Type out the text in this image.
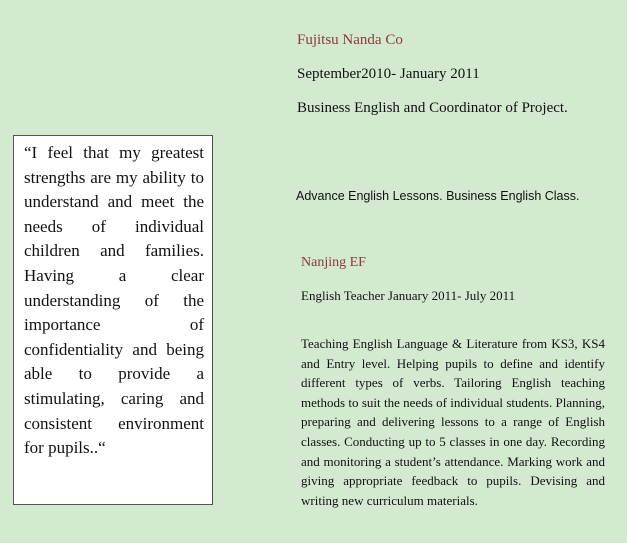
“I feel that my greatest strengths are my ability to understand and meet the needs of individual children and families. Having a clear understanding of the importance of confidentiality and being able to provide a stimulating, caring and consistent environment for pupils..“
Fujitsu Nanda Co
September2010- January 2011
Business English and Coordinator of Project.
Advance English Lessons. Business English Class.
Nanjing EF
English Teacher January 2011- July 2011
Teaching English Language & Literature from KS3, KS4 and Entry level. Helping pupils to define and identify different types of verbs. Tailoring English teaching methods to suit the needs of individual students. Planning, preparing and delivering lessons to a range of English classes. Conducting up to 5 classes in one day. Recording and monitoring a student’s attendance. Marking work and giving appropriate feedback to pupils. Devising and writing new curriculum materials.
